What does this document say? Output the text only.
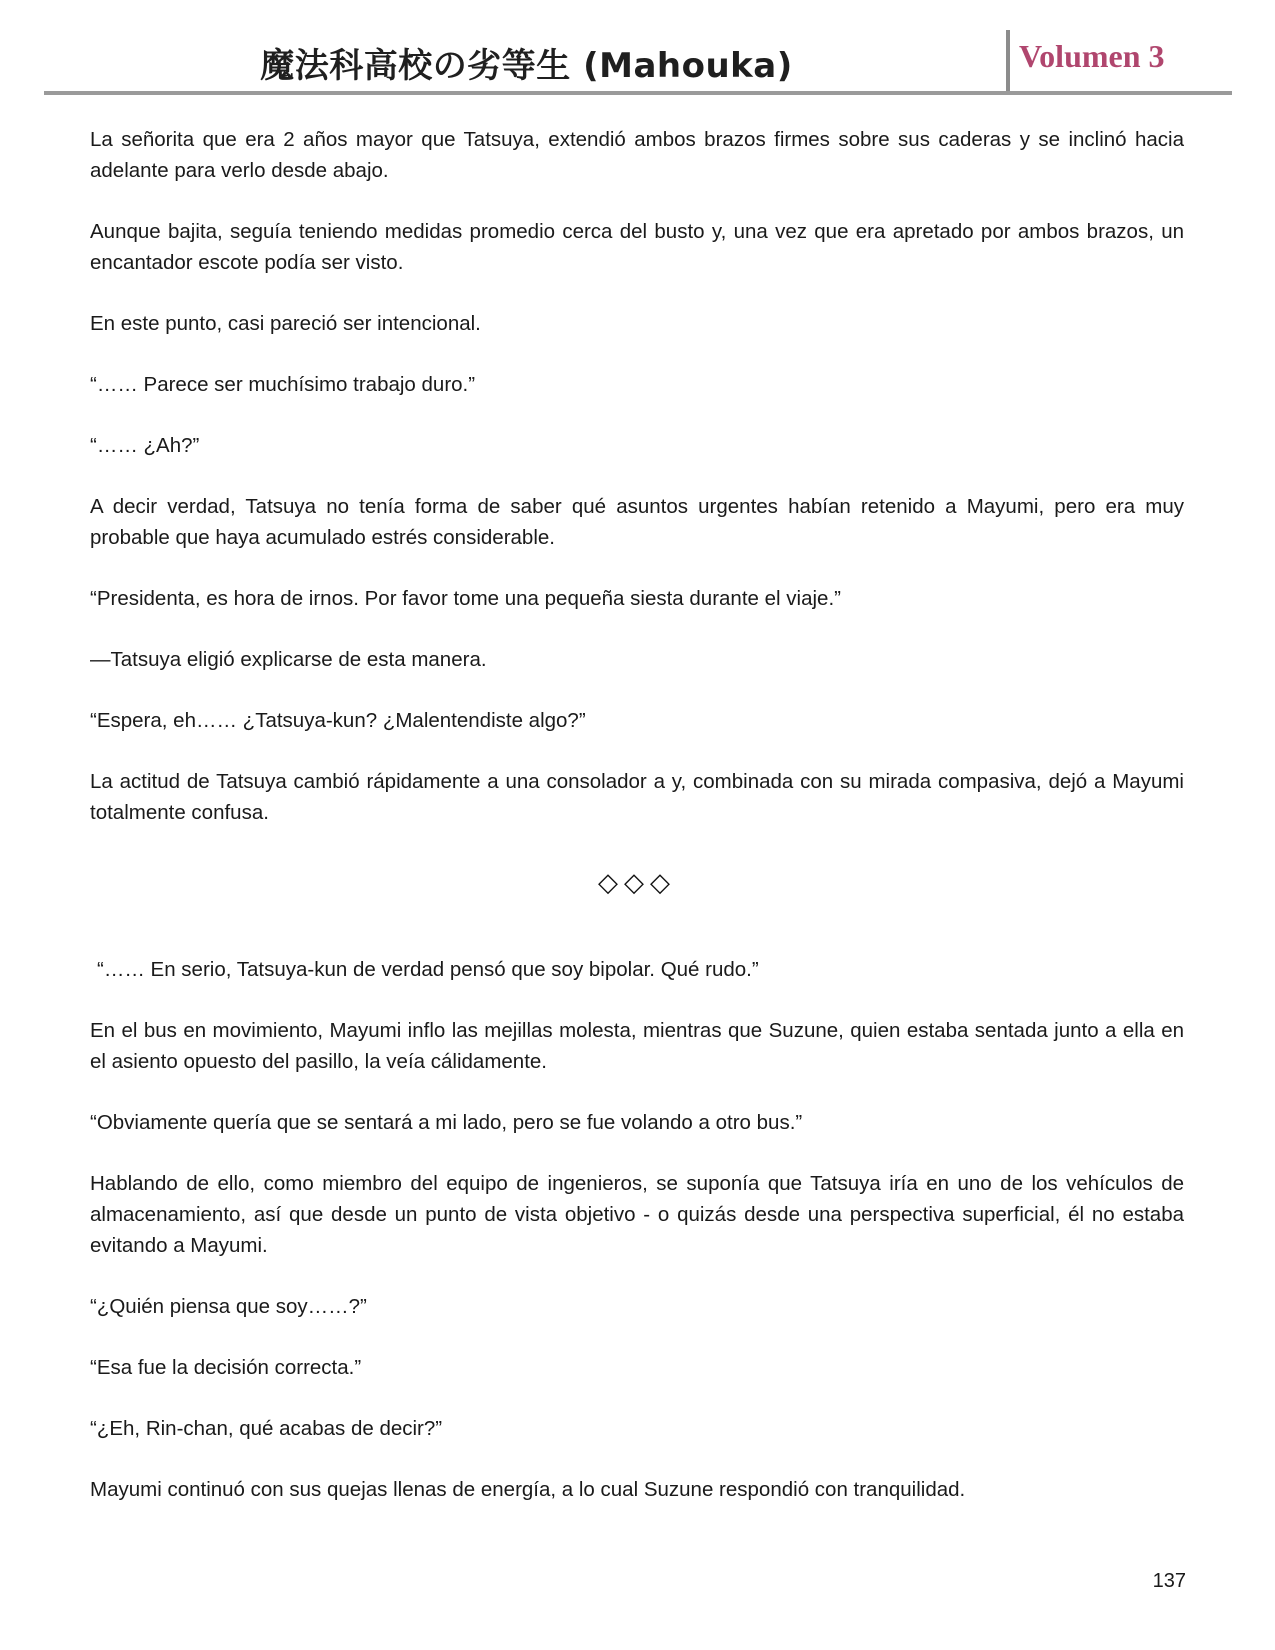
魔法科高校の劣等生 (Mahouka)	Volumen 3

La señorita que era 2 años mayor que Tatsuya, extendió ambos brazos firmes sobre sus caderas y se inclinó hacia adelante para verlo desde abajo.

Aunque bajita, seguía teniendo medidas promedio cerca del busto y, una vez que era apretado por ambos brazos, un encantador escote podía ser visto.

En este punto, casi pareció ser intencional.

“…… Parece ser muchísimo trabajo duro.”

“…… ¿Ah?”

A decir verdad, Tatsuya no tenía forma de saber qué asuntos urgentes habían retenido a Mayumi, pero era muy probable que haya acumulado estrés considerable.

“Presidenta, es hora de irnos. Por favor tome una pequeña siesta durante el viaje.”

—Tatsuya eligió explicarse de esta manera.

“Espera, eh…… ¿Tatsuya-kun? ¿Malentendiste algo?”

La actitud de Tatsuya cambió rápidamente a una consolador a y, combinada con su mirada compasiva, dejó a Mayumi totalmente confusa.

◇◇◇

“…… En serio, Tatsuya-kun de verdad pensó que soy bipolar. Qué rudo.”

En el bus en movimiento, Mayumi inflo las mejillas molesta, mientras que Suzune, quien estaba sentada junto a ella en el asiento opuesto del pasillo, la veía cálidamente.

“Obviamente quería que se sentará a mi lado, pero se fue volando a otro bus.”

Hablando de ello, como miembro del equipo de ingenieros, se suponía que Tatsuya iría en uno de los vehículos de almacenamiento, así que desde un punto de vista objetivo - o quizás desde una perspectiva superficial, él no estaba evitando a Mayumi.

“¿Quién piensa que soy……?”

“Esa fue la decisión correcta.”

“¿Eh, Rin-chan, qué acabas de decir?”

Mayumi continuó con sus quejas llenas de energía, a lo cual Suzune respondió con tranquilidad.

137
